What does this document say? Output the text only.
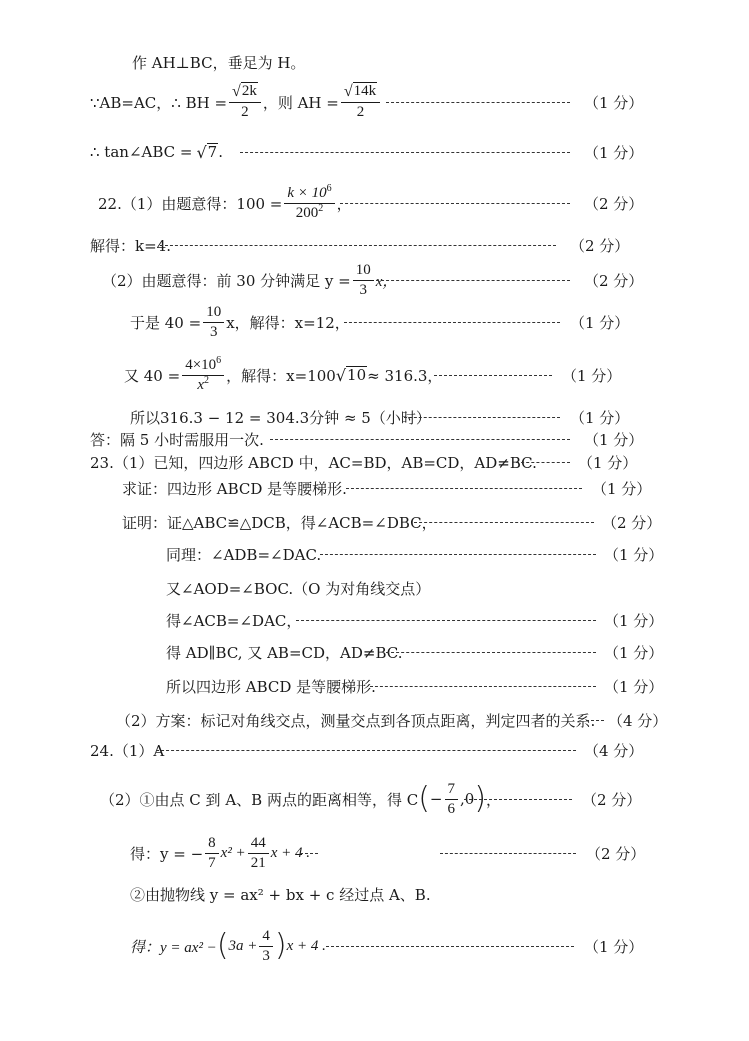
作 AH⊥BC，垂足为 H。
∵AB=AC，∴ BH = $\frac{√ 2k}{2}$ ，则 AH = $\frac{√ 14k}{2}$	（1 分）
∴ tan∠ABC = √ 7 .	（1 分）
22.（1）由题意得：$100 = \frac{k \times 10^6}{200^2}$ ，	（2 分）
解得：k=4.	（2 分）
（2）由题意得：前 30 分钟满足 $y = \frac{10}{3}$ x，	（2 分）
于是 $40 = \frac{10}{3}$ x，解得：x=12，	（1 分）
又 $40 = \frac{4\times 10^6}{x^2}$ ，解得：x=100 √ 10 ≈ 316.3，	（1 分）
所以316.3 − 12 = 304.3分钟 ≈ 5（小时）	（1 分）
答：隔 5 小时需服用一次.	（1 分）
23.（1）已知，四边形 ABCD 中，AC=BD，AB=CD，AD≠BC.	（1 分）
求证：四边形 ABCD 是等腰梯形.	（1 分）
证明：证△ABC≌△DCB，得∠ACB=∠DBC，	（2 分）
同理：∠ADB=∠DAC.	（1 分）
又∠AOD=∠BOC.（O 为对角线交点）
得∠ACB=∠DAC，	（1 分）
得 AD∥BC, 又 AB=CD，AD≠BC.	（1 分）
所以四边形 ABCD 是等腰梯形.	（1 分）
（2）方案：标记对角线交点，测量交点到各顶点距离，判定四者的关系. （4 分）
24.（1）A	（4 分）
（2）①由点 C 到 A、B 两点的距离相等，得 C ( − $\frac{7}{6} ,0$ ) ，	（2 分）
得：y = − $\frac{8}{7} x^2 + \frac{44}{21}$ x + 4 .	（2 分）
②由抛物线 y = ax² + bx + c 经过点 A、B.
得：y = ax² − ( $3a + \frac{4}{3}$ ) x + 4 .	（1 分）
